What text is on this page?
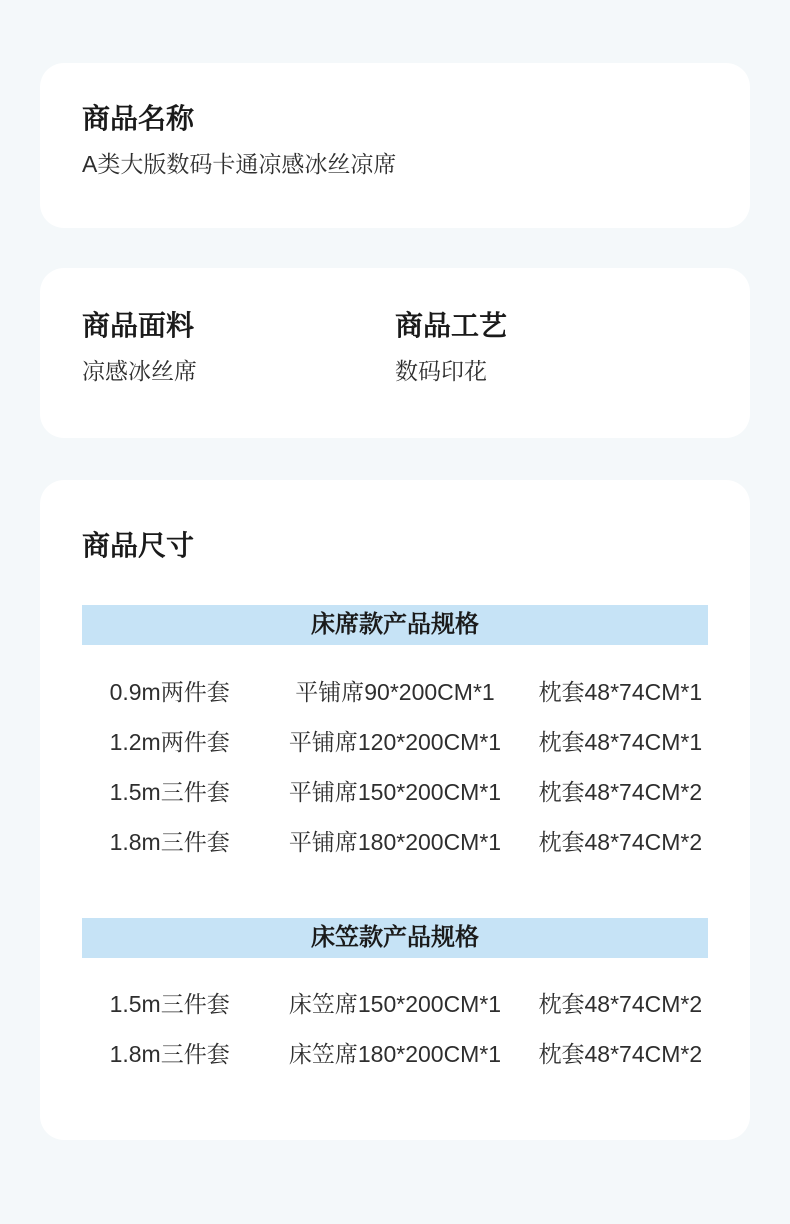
商品名称
A类大版数码卡通凉感冰丝凉席
商品面料
凉感冰丝席
商品工艺
数码印花
商品尺寸
床席款产品规格
0.9m两件套	平铺席90*200CM*1	枕套48*74CM*1
1.2m两件套	平铺席120*200CM*1	枕套48*74CM*1
1.5m三件套	平铺席150*200CM*1	枕套48*74CM*2
1.8m三件套	平铺席180*200CM*1	枕套48*74CM*2
床笠款产品规格
1.5m三件套	床笠席150*200CM*1	枕套48*74CM*2
1.8m三件套	床笠席180*200CM*1	枕套48*74CM*2
